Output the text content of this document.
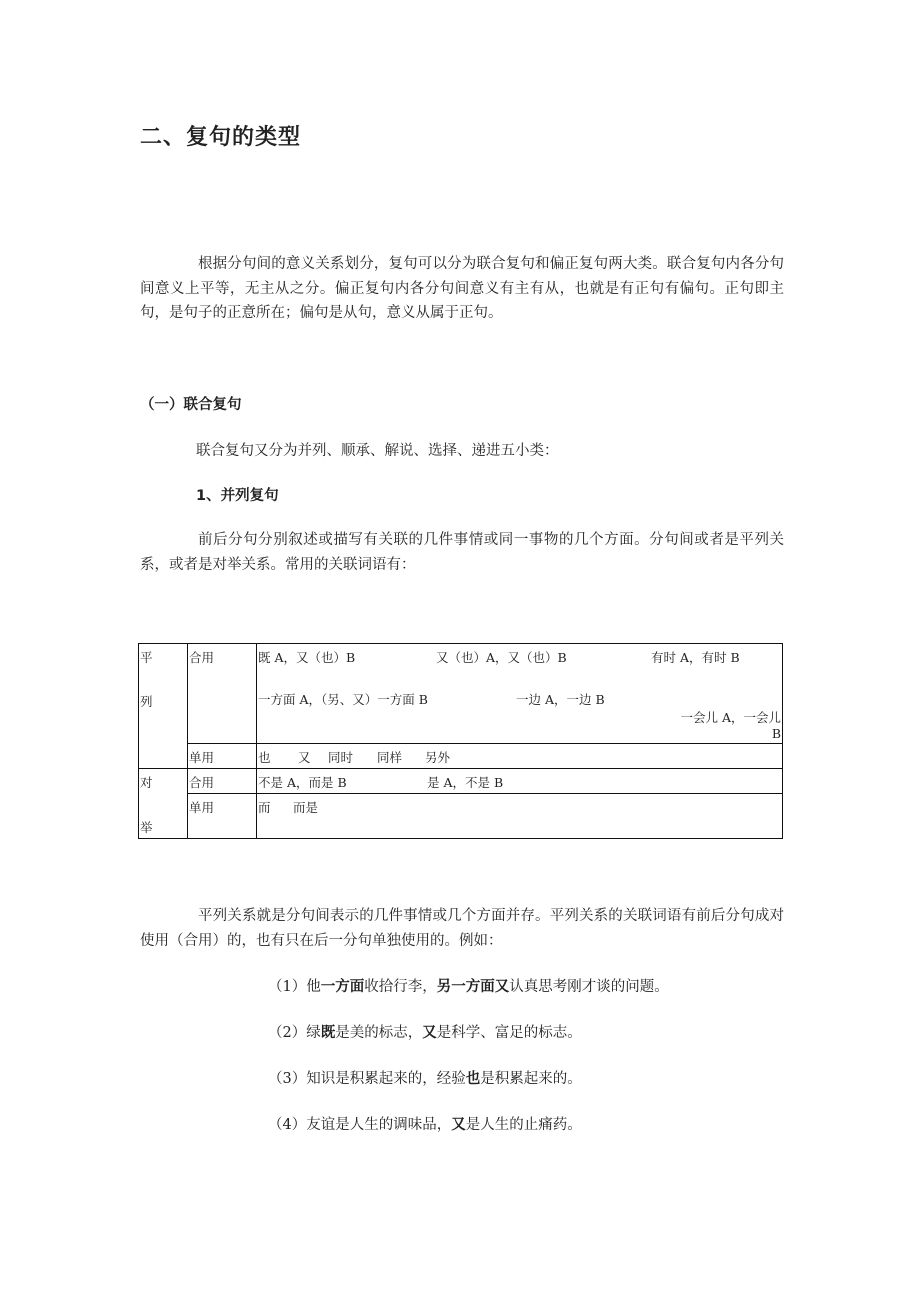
二、复句的类型

根据分句间的意义关系划分，复句可以分为联合复句和偏正复句两大类。联合复句内各分句间意义上平等，无主从之分。偏正复句内各分句间意义有主有从，也就是有正句有偏句。正句即主句，是句子的正意所在；偏句是从句，意义从属于正句。

（一）联合复句

联合复句又分为并列、顺承、解说、选择、递进五小类：

1、并列复句

前后分句分别叙述或描写有关联的几件事情或同一事物的几个方面。分句间或者是平列关系，或者是对举关系。常用的关联词语有：

平
列
	合用	既 A，又（也）B	又（也）A，又（也）B	有时 A，有时 B
一方面 A，（另、又）一方面 B	一边 A，一边 B
一会儿 A，一会儿 B

	单用	也 又 同时 同样 另外

对
举	合用	不是 A，而是 B 是 A，不是 B

	单用	而 而是

平列关系就是分句间表示的几件事情或几个方面并存。平列关系的关联词语有前后分句成对使用（合用）的，也有只在后一分句单独使用的。例如：

（1）他一方面收拾行李，另一方面又认真思考刚才谈的问题。

（2）绿既是美的标志，又是科学、富足的标志。

（3）知识是积累起来的，经验也是积累起来的。

（4）友谊是人生的调味品，又是人生的止痛药。
